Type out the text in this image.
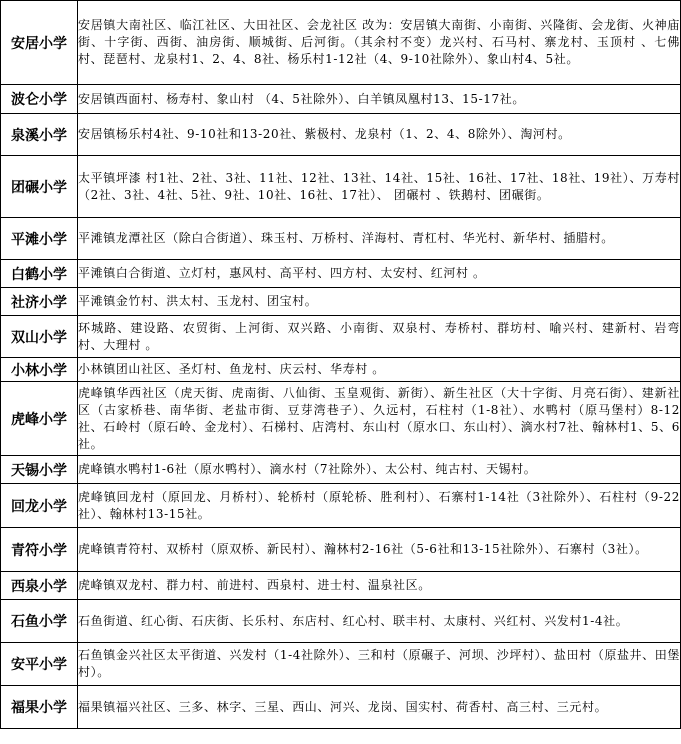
安居小学	安居镇大南社区、临江社区、大田社区、会龙社区 改为：安居镇大南街、小南街、兴隆街、会龙街、火神庙街、十字街、西街、油房街、顺城街、后河街。（其余村不变）龙兴村、石马村、寨龙村、玉顶村 、七佛村、琵琶村、龙泉村1、2、4、8社、杨乐村1-12社（4、9-10社除外）、象山村4、5社。
波仑小学	安居镇西面村、杨寿村、象山村 （4、5社除外）、白羊镇凤凰村13、15-17社。
泉溪小学	安居镇杨乐村4社、9-10社和13-20社、紫极村、龙泉村（1、2、4、8除外）、淘河村。
团碾小学	太平镇坪漆 村1社、2社、3社、11社、12社、13社、14社、15社、16社、17社、18社、19社）、万寿村（2社、3社、4社、5社、9社、10社、16社、17社）、 团碾村 、铁鹅村、团碾街。
平滩小学	平滩镇龙潭社区（除白合街道）、珠玉村、万桥村、洋海村、青杠村、华光村、新华村、插腊村。
白鹤小学	平滩镇白合街道、立灯村，惠风村、高平村、四方村、太安村、红河村 。
社济小学	平滩镇金竹村、洪太村、玉龙村、团宝村。
双山小学	环城路、建设路、农贸街、上河街、双兴路、小南街、双泉村、寿桥村、群坊村、喻兴村、建新村、岩弯村、大理村 。
小林小学	小林镇团山社区、圣灯村、鱼龙村、庆云村、华寿村 。
虎峰小学	虎峰镇华西社区（虎天街、虎南街、八仙街、玉皇观街、新街）、新生社区（大十字街、月亮石街）、建新社区（古家桥巷、南华街、老盐市街、豆芽湾巷子）、久远村，石柱村（1-8社）、水鸭村（原马堡村）8-12社、石岭村（原石岭、金龙村）、石梯村、店湾村、东山村（原水口、东山村）、滴水村7社、翰林村1、5、6社。
天锡小学	虎峰镇水鸭村1-6社（原水鸭村）、滴水村（7社除外）、太公村、纯古村、天锡村。
回龙小学	虎峰镇回龙村（原回龙、月桥村）、轮桥村（原轮桥、胜利村）、石寨村1-14社（3社除外）、石柱村（9-22社）、翰林村13-15社。
青符小学	虎峰镇青符村、双桥村（原双桥、新民村）、瀚林村2-16社（5-6社和13-15社除外）、石寨村（3社）。
西泉小学	虎峰镇双龙村、群力村、前进村、西泉村、进士村、温泉社区。
石鱼小学	石鱼街道、红心街、石庆街、长乐村、东店村、红心村、联丰村、太康村、兴红村、兴发村1-4社。
安平小学	石鱼镇金兴社区太平街道、兴发村（1-4社除外）、三和村（原碾子、河坝、沙坪村）、盐田村（原盐井、田堡村）。
福果小学	福果镇福兴社区、三多、林字、三星、西山、河兴、龙岗、国实村、荷香村、高三村、三元村。
